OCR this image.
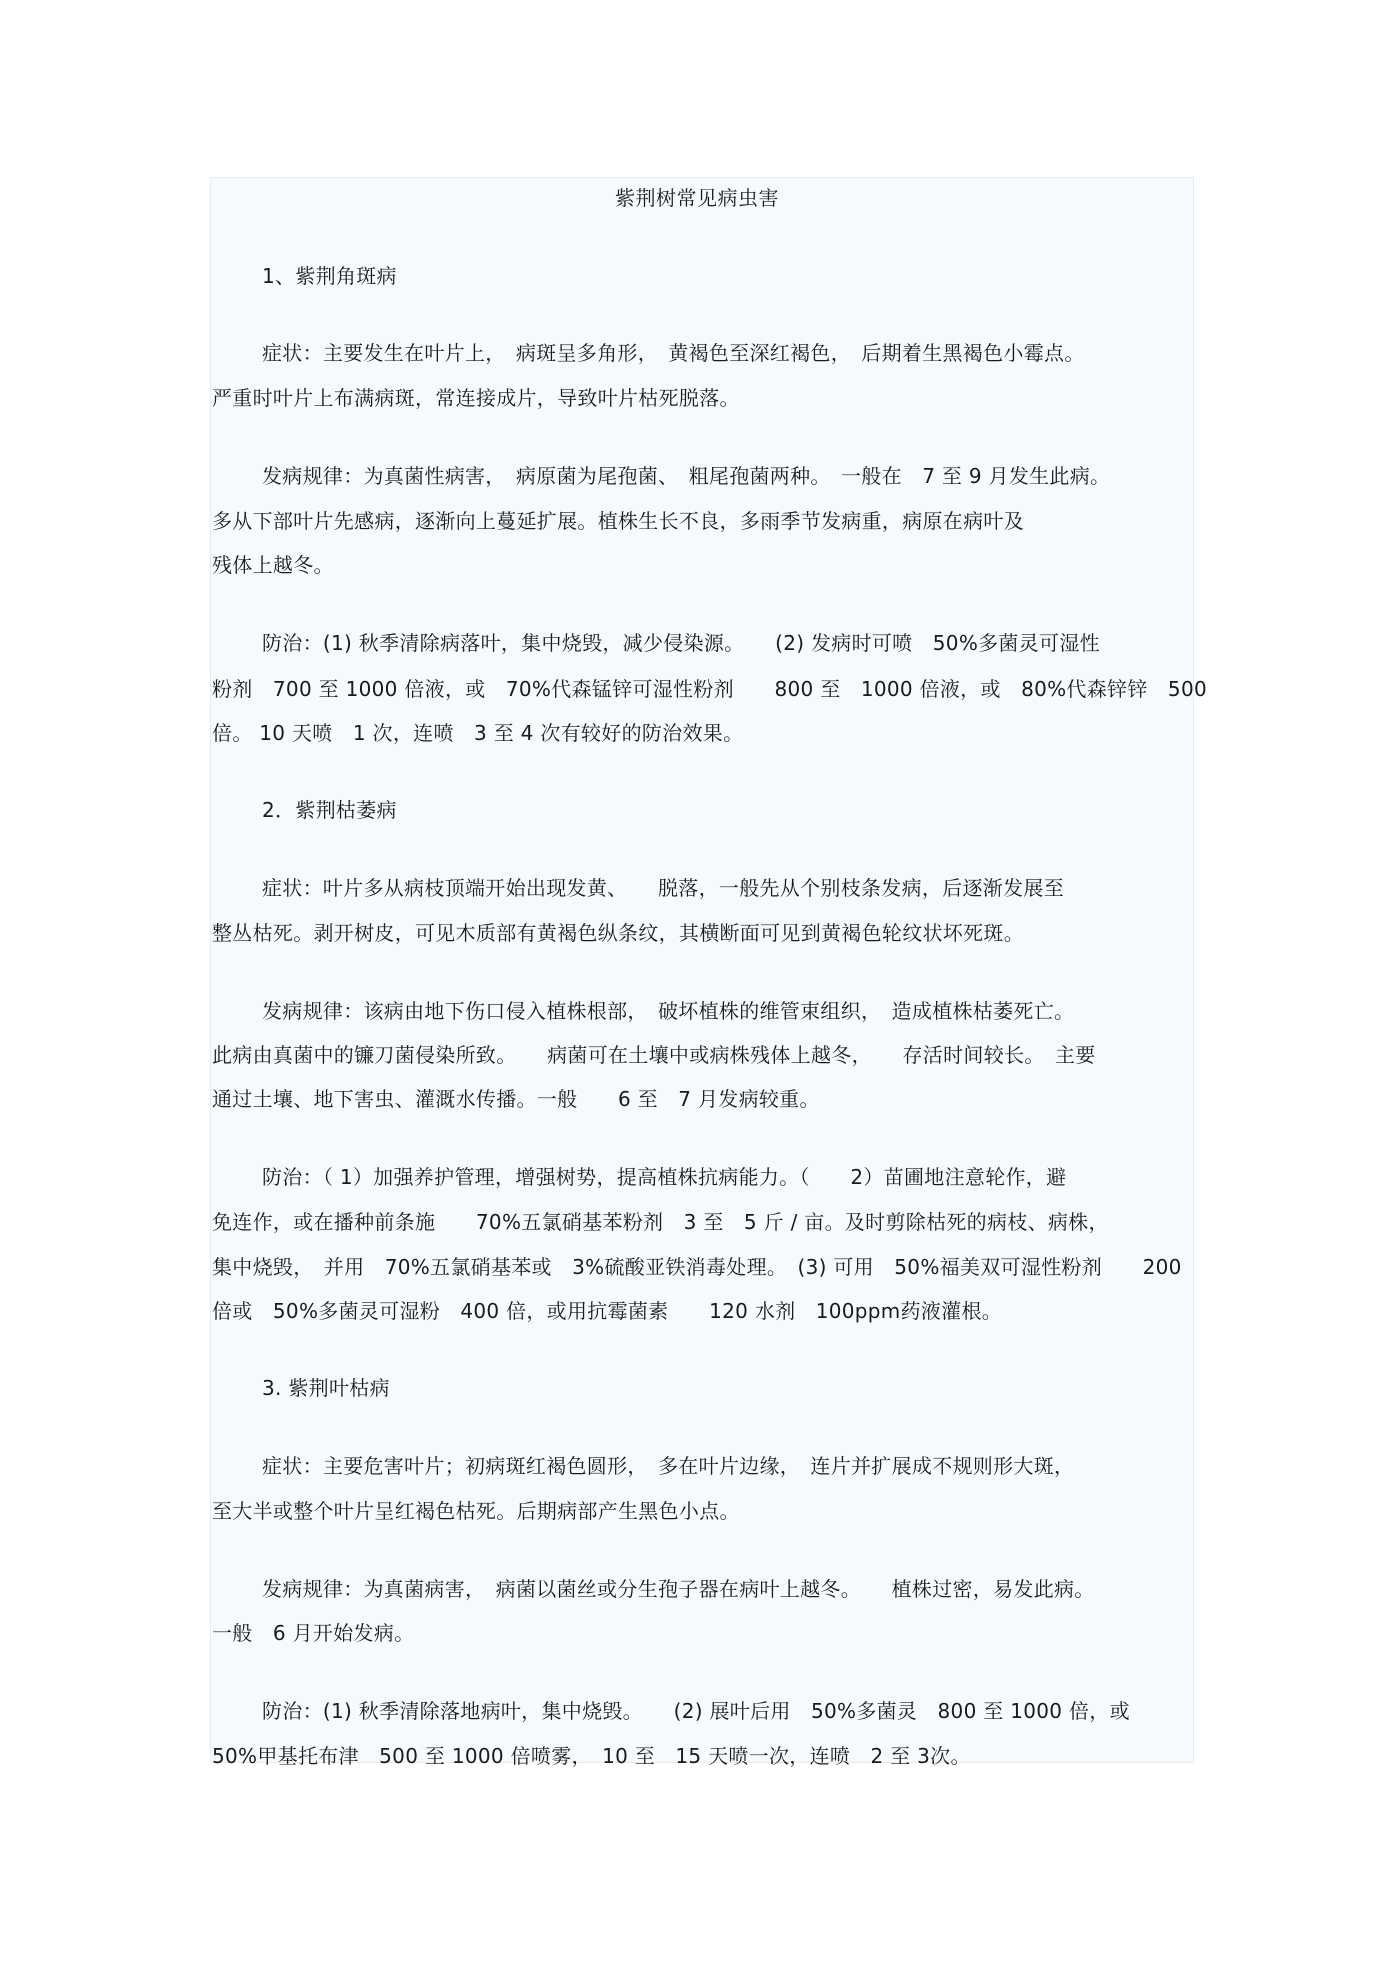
紫荆树常见病虫害
1、紫荆角斑病
症状：主要发生在叶片上，　病斑呈多角形，　黄褐色至深红褐色，　后期着生黑褐色小霉点。
严重时叶片上布满病斑，常连接成片，导致叶片枯死脱落。
发病规律：为真菌性病害，　病原菌为尾孢菌、　粗尾孢菌两种。　一般在　7 至 9 月发生此病。
多从下部叶片先感病，逐渐向上蔓延扩展。植株生长不良，多雨季节发病重，病原在病叶及
残体上越冬。
防治：(1) 秋季清除病落叶，集中烧毁，减少侵染源。　　(2) 发病时可喷　50%多菌灵可湿性
粉剂　700 至 1000 倍液，或　70%代森锰锌可湿性粉剂　　800 至　1000 倍液，或　80%代森锌锌　500
倍。 10 天喷　1 次，连喷　3 至 4 次有较好的防治效果。
2．紫荆枯萎病
症状：叶片多从病枝顶端开始出现发黄、　　脱落，一般先从个别枝条发病，后逐渐发展至
整丛枯死。剥开树皮，可见木质部有黄褐色纵条纹，其横断面可见到黄褐色轮纹状坏死斑。
发病规律：该病由地下伤口侵入植株根部，　破坏植株的维管束组织，　造成植株枯萎死亡。
此病由真菌中的镰刀菌侵染所致。　　病菌可在土壤中或病株残体上越冬，　　存活时间较长。　主要
通过土壤、地下害虫、灌溉水传播。一般　　6 至　7 月发病较重。
防治：（ 1）加强养护管理，增强树势，提高植株抗病能力。（　　2）苗圃地注意轮作，避
免连作，或在播种前条施　　70%五氯硝基苯粉剂　3 至　5 斤 / 亩。及时剪除枯死的病枝、病株，
集中烧毁，　并用　70%五氯硝基苯或　3%硫酸亚铁消毒处理。　(3) 可用　50%福美双可湿性粉剂　　200
倍或　50%多菌灵可湿粉　400 倍，或用抗霉菌素　　120 水剂　100ppm药液灌根。
3. 紫荆叶枯病
症状：主要危害叶片；初病斑红褐色圆形，　多在叶片边缘，　连片并扩展成不规则形大斑，
至大半或整个叶片呈红褐色枯死。后期病部产生黑色小点。
发病规律：为真菌病害，　病菌以菌丝或分生孢子器在病叶上越冬。　　植株过密，易发此病。
一般　6 月开始发病。
防治：(1) 秋季清除落地病叶，集中烧毁。　　(2) 展叶后用　50%多菌灵　800 至 1000 倍，或
50%甲基托布津　500 至 1000 倍喷雾，　10 至　15 天喷一次，连喷　2 至 3次。
